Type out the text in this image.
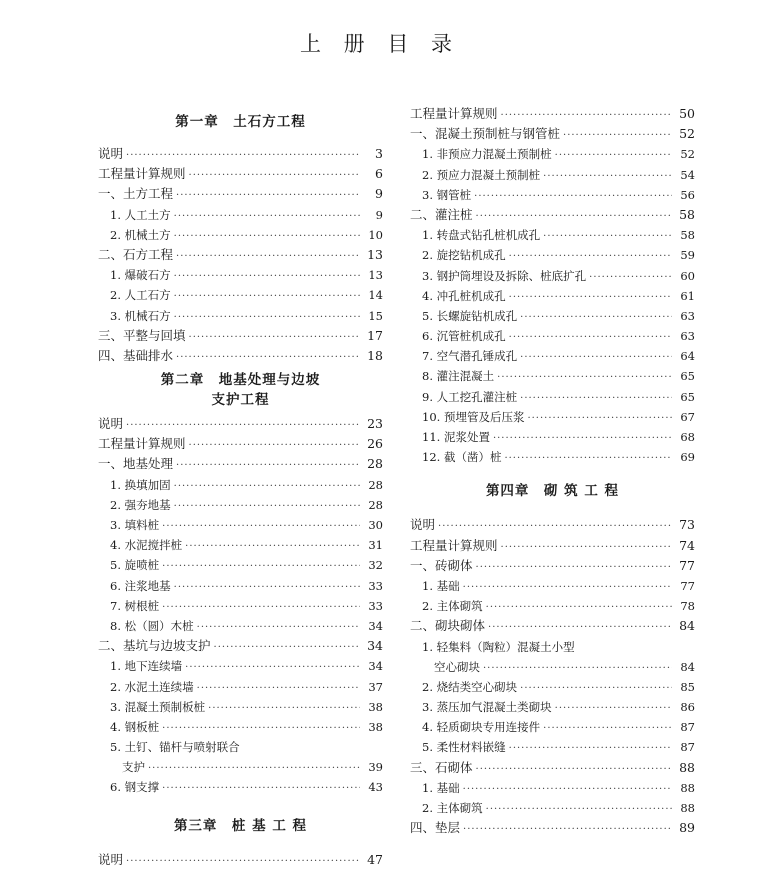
上 册 目 录
第一章　土石方工程
说明 ·····	3
工程量计算规则 ·····	6
一、土方工程 ·····	9
1. 人工土方 ·····	9
2. 机械土方 ·····	10
二、石方工程 ·····	13
1. 爆破石方 ·····	13
2. 人工石方 ·····	14
3. 机械石方 ·····	15
三、平整与回填 ·····	17
四、基础排水 ·····	18
第二章　地基处理与边坡
支护工程
说明 ·····	23
工程量计算规则 ·····	26
一、地基处理 ·····	28
1. 换填加固 ·····	28
2. 强夯地基 ·····	28
3. 填料桩 ·····	30
4. 水泥搅拌桩 ·····	31
5. 旋喷桩 ·····	32
6. 注浆地基 ·····	33
7. 树根桩 ·····	33
8. 松（圆）木桩 ·····	34
二、基坑与边坡支护 ·····	34
1. 地下连续墙 ·····	34
2. 水泥土连续墙 ·····	37
3. 混凝土预制板桩 ·····	38
4. 钢板桩 ·····	38
5. 土钉、锚杆与喷射联合
支护 ·····	39
6. 钢支撑 ·····	43
第三章　桩 基 工 程
说明 ·····	47
工程量计算规则 ·····	50
一、混凝土预制桩与钢管桩 ·····	52
1. 非预应力混凝土预制桩 ·····	52
2. 预应力混凝土预制桩 ·····	54
3. 钢管桩 ·····	56
二、灌注桩 ·····	58
1. 转盘式钻孔桩机成孔 ·····	58
2. 旋挖钻机成孔 ·····	59
3. 钢护筒埋设及拆除、桩底扩孔 ·····	60
4. 冲孔桩机成孔 ·····	61
5. 长螺旋钻机成孔 ·····	63
6. 沉管桩机成孔 ·····	63
7. 空气潜孔锤成孔 ·····	64
8. 灌注混凝土 ·····	65
9. 人工挖孔灌注桩 ·····	65
10. 预埋管及后压浆 ·····	67
11. 泥浆处置 ·····	68
12. 截（凿）桩 ·····	69
第四章　砌 筑 工 程
说明 ·····	73
工程量计算规则 ·····	74
一、砖砌体 ·····	77
1. 基础 ·····	77
2. 主体砌筑 ·····	78
二、砌块砌体 ·····	84
1. 轻集料（陶粒）混凝土小型
空心砌块 ·····	84
2. 烧结类空心砌块 ·····	85
3. 蒸压加气混凝土类砌块 ·····	86
4. 轻质砌块专用连接件 ·····	87
5. 柔性材料嵌缝 ·····	87
三、石砌体 ·····	88
1. 基础 ·····	88
2. 主体砌筑 ·····	88
四、垫层 ·····	89
